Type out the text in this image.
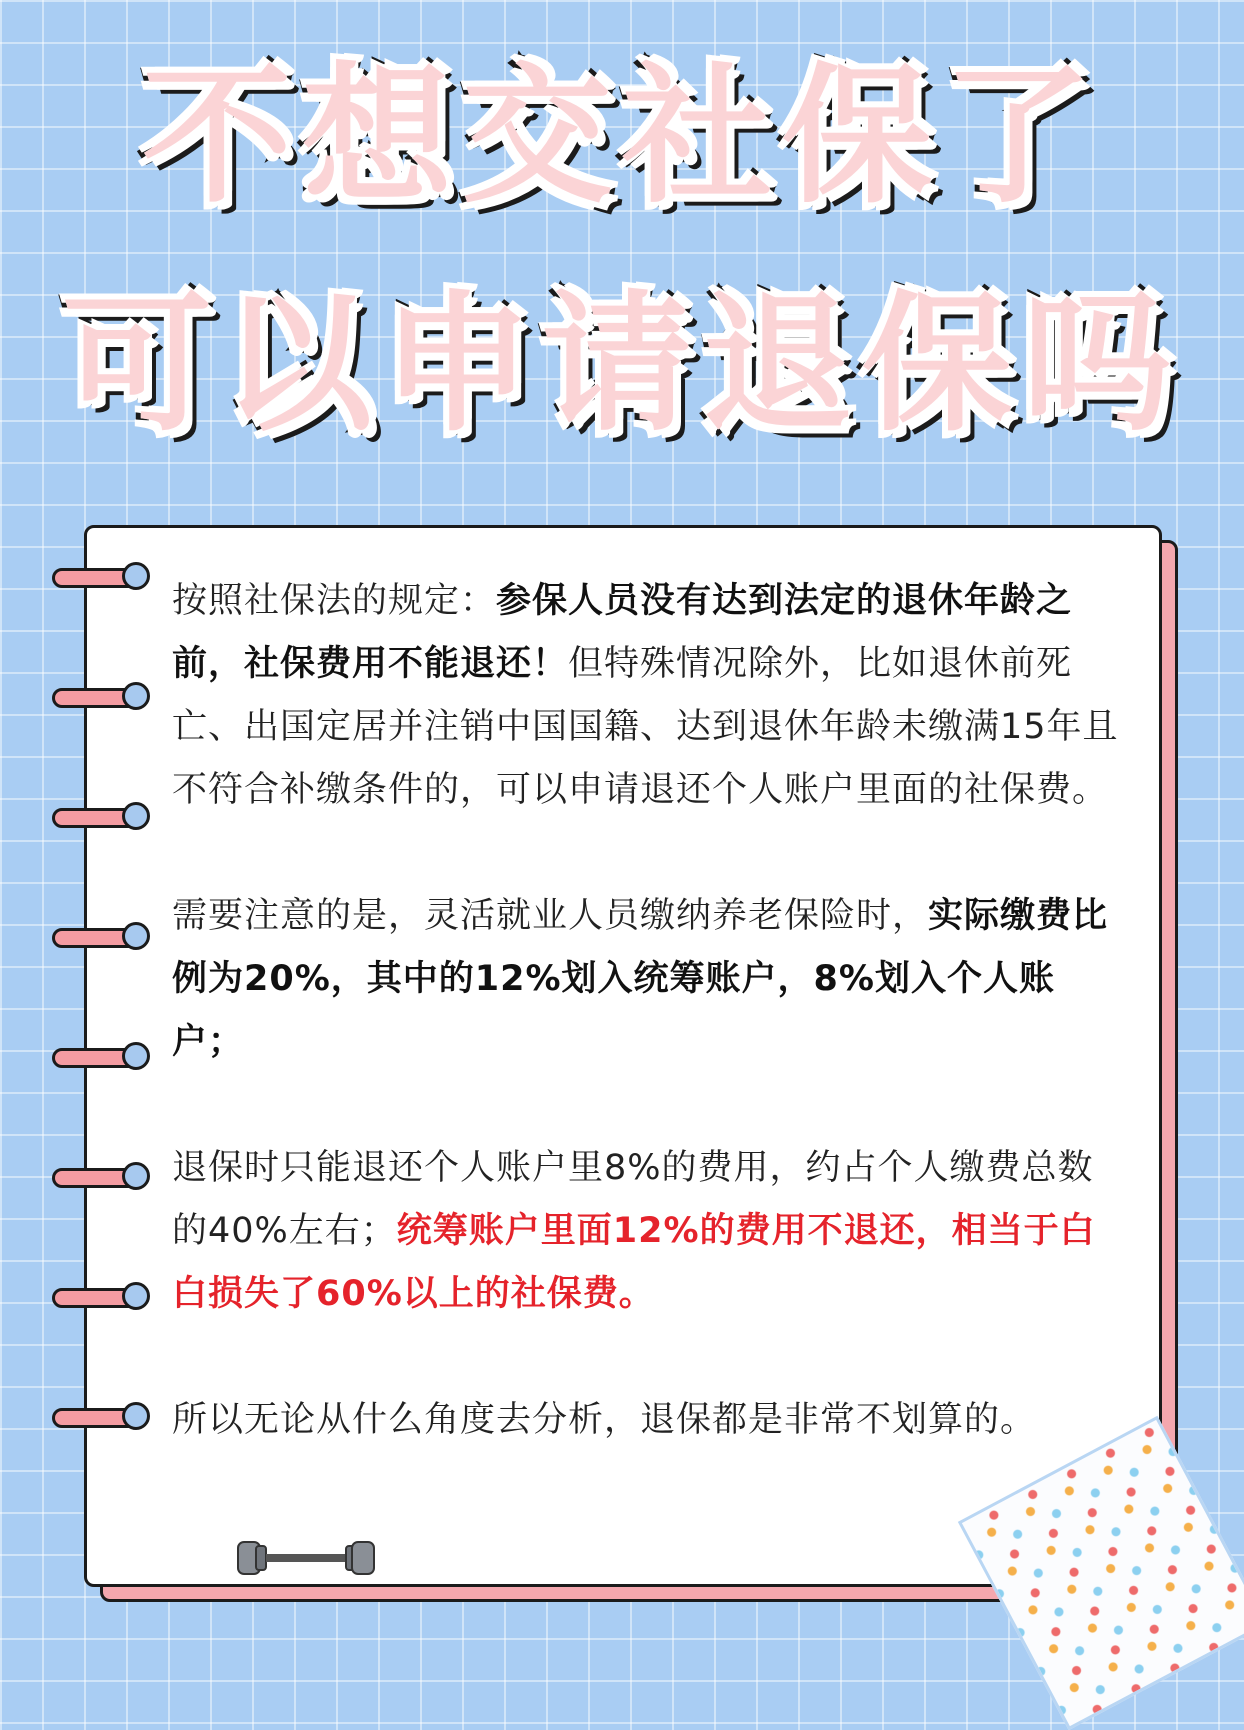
不想交社保了
可以申请退保吗

按照社保法的规定：参保人员没有达到法定的退休年龄之前，社保费用不能退还！但特殊情况除外，比如退休前死亡、出国定居并注销中国国籍、达到退休年龄未缴满15年且不符合补缴条件的，可以申请退还个人账户里面的社保费。

需要注意的是，灵活就业人员缴纳养老保险时，实际缴费比例为20%，其中的12%划入统筹账户，8%划入个人账户；

退保时只能退还个人账户里8%的费用，约占个人缴费总数的40%左右；统筹账户里面12%的费用不退还，相当于白白损失了60%以上的社保费。

所以无论从什么角度去分析，退保都是非常不划算的。
